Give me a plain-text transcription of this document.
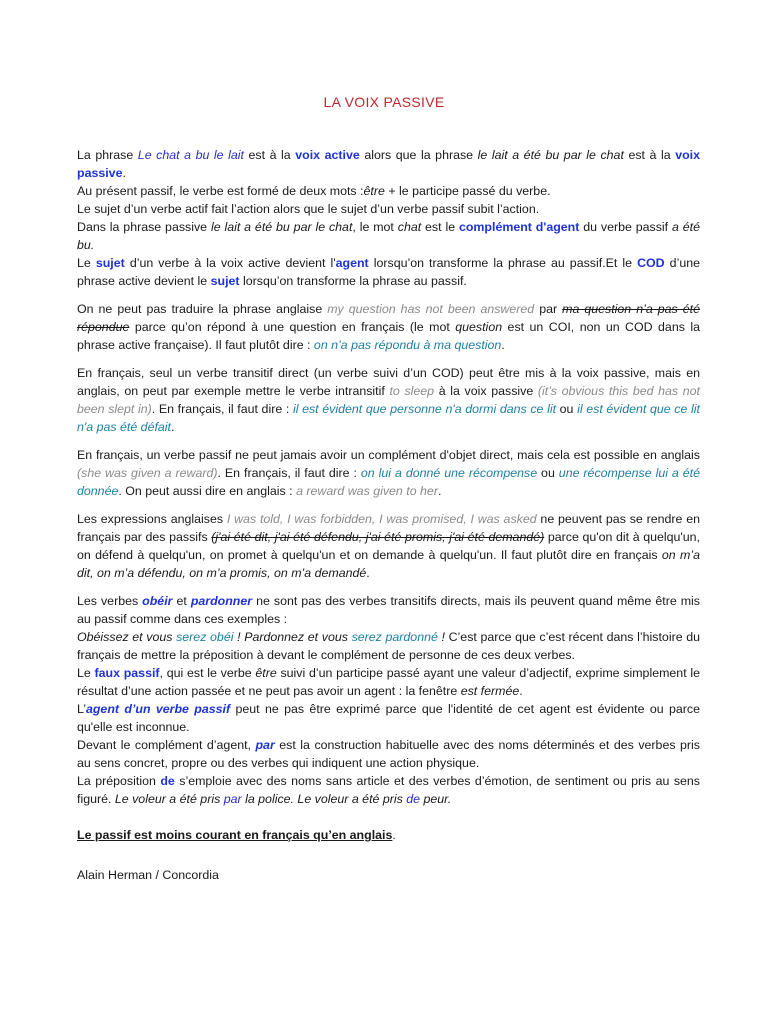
LA VOIX PASSIVE

La phrase Le chat a bu le lait est à la voix active alors que la phrase le lait a été bu par le chat est à la voix passive.
Au présent passif, le verbe est formé de deux mots :être + le participe passé du verbe.
Le sujet d’un verbe actif fait l’action alors que le sujet d’un verbe passif subit l’action.
Dans la phrase passive le lait a été bu par le chat, le mot chat est le complément d'agent du verbe passif a été bu.
Le sujet d’un verbe à la voix active devient l'agent lorsqu’on transforme la phrase au passif.Et le COD d’une phrase active devient le sujet lorsqu’on transforme la phrase au passif.

On ne peut pas traduire la phrase anglaise my question has not been answered par ma question n’a pas été répondue parce qu’on répond à une question en français (le mot question est un COI, non un COD dans la phrase active française). Il faut plutôt dire : on n’a pas répondu à ma question.

En français, seul un verbe transitif direct (un verbe suivi d’un COD) peut être mis à la voix passive, mais en anglais, on peut par exemple mettre le verbe intransitif to sleep à la voix passive (it’s obvious this bed has not been slept in). En français, il faut dire : il est évident que personne n'a dormi dans ce lit ou il est évident que ce lit n'a pas été défait.

En français, un verbe passif ne peut jamais avoir un complément d'objet direct, mais cela est possible en anglais (she was given a reward). En français, il faut dire : on lui a donné une récompense ou une récompense lui a été donnée. On peut aussi dire en anglais : a reward was given to her.

Les expressions anglaises I was told, I was forbidden, I was promised, I was asked ne peuvent pas se rendre en français par des passifs (j'ai été dit, j'ai été défendu, j'ai été promis, j'ai été demandé) parce qu'on dit à quelqu'un, on défend à quelqu'un, on promet à quelqu'un et on demande à quelqu'un. Il faut plutôt dire en français on m’a dit, on m’a défendu, on m’a promis, on m’a demandé.

Les verbes obéir et pardonner ne sont pas des verbes transitifs directs, mais ils peuvent quand même être mis au passif comme dans ces exemples :
Obéissez et vous serez obéi ! Pardonnez et vous serez pardonné ! C’est parce que c’est récent dans l’histoire du français de mettre la préposition à devant le complément de personne de ces deux verbes.
Le faux passif, qui est le verbe être suivi d’un participe passé ayant une valeur d’adjectif, exprime simplement le résultat d’une action passée et ne peut pas avoir un agent : la fenêtre est fermée.
L’agent d’un verbe passif peut ne pas être exprimé parce que l'identité de cet agent est évidente ou parce qu'elle est inconnue.
Devant le complément d’agent, par est la construction habituelle avec des noms déterminés et des verbes pris au sens concret, propre ou des verbes qui indiquent une action physique.
La préposition de s’emploie avec des noms sans article et des verbes d’émotion, de sentiment ou pris au sens figuré. Le voleur a été pris par la police. Le voleur a été pris de peur.

Le passif est moins courant en français qu’en anglais.

Alain Herman / Concordia
